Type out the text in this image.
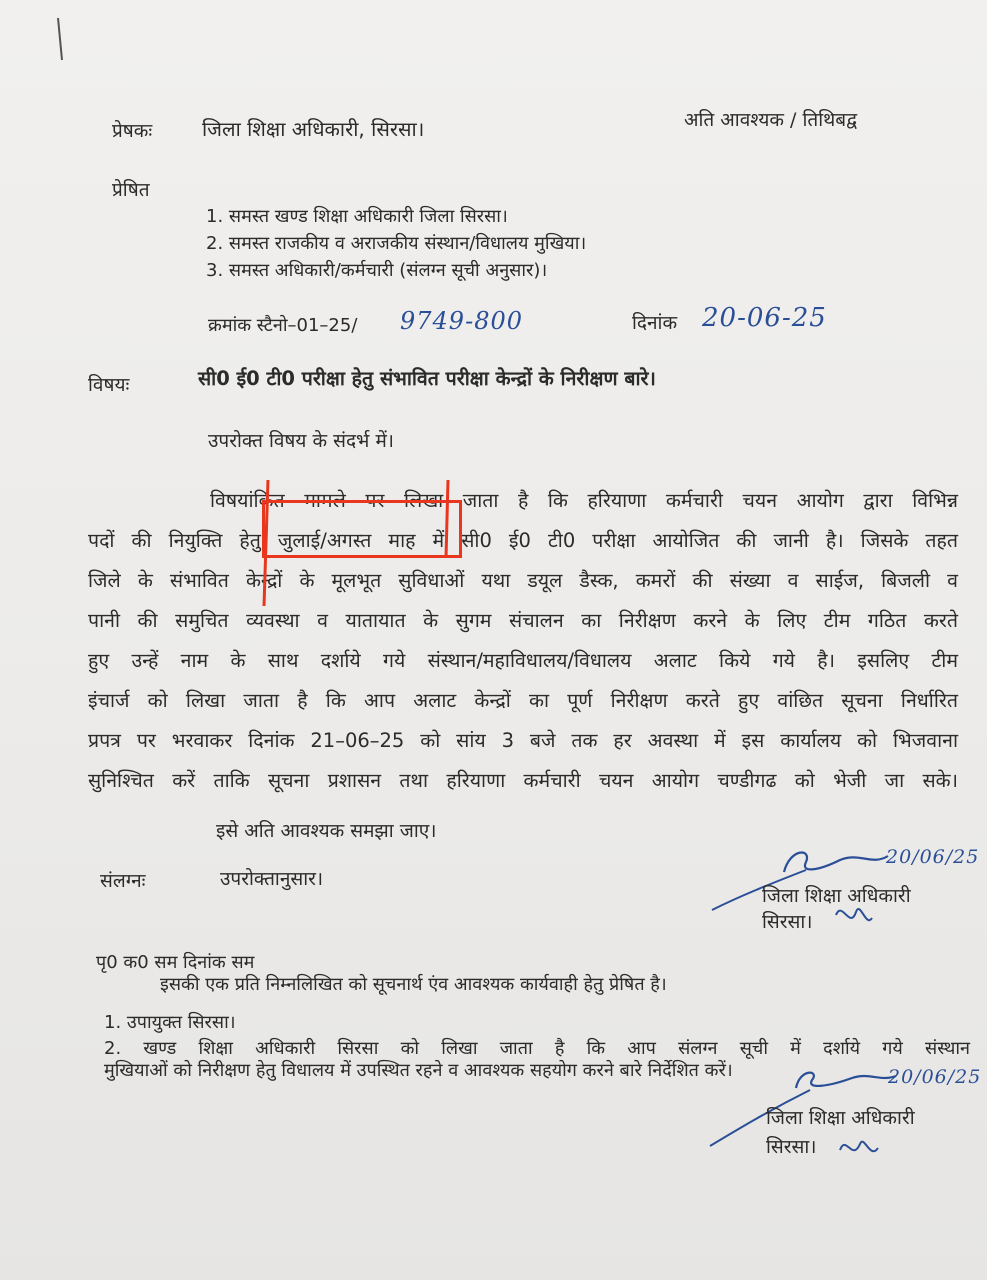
प्रेषकः जिला शिक्षा अधिकारी, सिरसा।	अति आवश्यक / तिथिबद्व
प्रेषित
1. समस्त खण्ड शिक्षा अधिकारी जिला सिरसा।
2. समस्त राजकीय व अराजकीय संस्थान/विधालय मुखिया।
3. समस्त अधिकारी/कर्मचारी (संलग्न सूची अनुसार)।
क्रमांक स्टैनो–01–25/ 9749-800	दिनांक 20-06-25
विषयः	सी0 ई0 टी0 परीक्षा हेतु संभावित परीक्षा केन्द्रों के निरीक्षण बारे।
उपरोक्त विषय के संदर्भ में।
विषयांकित मामले पर लिखा जाता है कि हरियाणा कर्मचारी चयन आयोग द्वारा विभिन्न
पदों की नियुक्ति हेतु जुलाई/अगस्त माह में सी0 ई0 टी0 परीक्षा आयोजित की जानी है। जिसके तहत
जिले के संभावित केन्द्रों के मूलभूत सुविधाओं यथा डयूल डैस्क, कमरों की संख्या व साईज, बिजली व
पानी की समुचित व्यवस्था व यातायात के सुगम संचालन का निरीक्षण करने के लिए टीम गठित करते
हुए उन्हें नाम के साथ दर्शाये गये संस्थान/महाविधालय/विधालय अलाट किये गये है। इसलिए टीम
इंचार्ज को लिखा जाता है कि आप अलाट केन्द्रों का पूर्ण निरीक्षण करते हुए वांछित सूचना निर्धारित
प्रपत्र पर भरवाकर दिनांक 21–06–25 को सांय 3 बजे तक हर अवस्था में इस कार्यालय को भिजवाना
सुनिश्चित करें ताकि सूचना प्रशासन तथा हरियाणा कर्मचारी चयन आयोग चण्डीगढ को भेजी जा सके।
इसे अति आवश्यक समझा जाए।
संलग्नः	उपरोक्तानुसार।
20/06/25
जिला शिक्षा अधिकारी
सिरसा।
पृ0 क0 सम दिनांक सम
इसकी एक प्रति निम्नलिखित को सूचनार्थ एंव आवश्यक कार्यवाही हेतु प्रेषित है।
1. उपायुक्त सिरसा।
2. खण्ड शिक्षा अधिकारी सिरसा को लिखा जाता है कि आप संलग्न सूची में दर्शाये गये संस्थान
मुखियाओं को निरीक्षण हेतु विधालय में उपस्थित रहने व आवश्यक सहयोग करने बारे निर्देशित करें।	20/06/25
जिला शिक्षा अधिकारी
सिरसा।
